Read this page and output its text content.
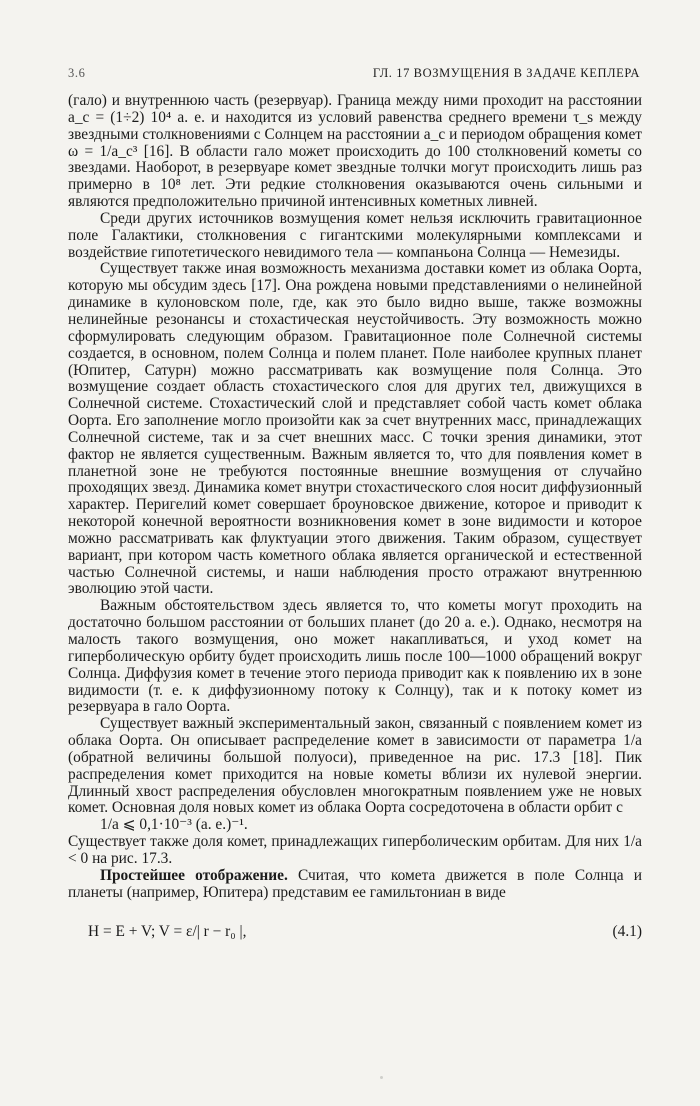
3.6	ГЛ. 17 ВОЗМУЩЕНИЯ В ЗАДАЧЕ КЕПЛЕРА

(гало) и внутреннюю часть (резервуар). Граница между ними проходит на расстоянии a_c = (1÷2) 10⁴ а. е. и находится из условий равенства среднего времени τ_s между звездными столкновениями с Солнцем на расстоянии a_c и периодом обращения комет ω = 1/a_c³ [16]. В области гало может происходить до 100 столкновений кометы со звездами. Наоборот, в резервуаре комет звездные толчки могут происходить лишь раз примерно в 10⁸ лет. Эти редкие столкновения оказываются очень сильными и являются предположительно причиной интенсивных кометных ливней.

Среди других источников возмущения комет нельзя исключить гравитационное поле Галактики, столкновения с гигантскими молекулярными комплексами и воздействие гипотетического невидимого тела — компаньона Солнца — Немезиды.

Существует также иная возможность механизма доставки комет из облака Оорта, которую мы обсудим здесь [17]. Она рождена новыми представлениями о нелинейной динамике в кулоновском поле, где, как это было видно выше, также возможны нелинейные резонансы и стохастическая неустойчивость. Эту возможность можно сформулировать следующим образом. Гравитационное поле Солнечной системы создается, в основном, полем Солнца и полем планет. Поле наиболее крупных планет (Юпитер, Сатурн) можно рассматривать как возмущение поля Солнца. Это возмущение создает область стохастического слоя для других тел, движущихся в Солнечной системе. Стохастический слой и представляет собой часть комет облака Оорта. Его заполнение могло произойти как за счет внутренних масс, принадлежащих Солнечной системе, так и за счет внешних масс. С точки зрения динамики, этот фактор не является существенным. Важным является то, что для появления комет в планетной зоне не требуются постоянные внешние возмущения от случайно проходящих звезд. Динамика комет внутри стохастического слоя носит диффузионный характер. Перигелий комет совершает броуновское движение, которое и приводит к некоторой конечной вероятности возникновения комет в зоне видимости и которое можно рассматривать как флуктуации этого движения. Таким образом, существует вариант, при котором часть кометного облака является органической и естественной частью Солнечной системы, и наши наблюдения просто отражают внутреннюю эволюцию этой части.

Важным обстоятельством здесь является то, что кометы могут проходить на достаточно большом расстоянии от больших планет (до 20 а. е.). Однако, несмотря на малость такого возмущения, оно может накапливаться, и уход комет на гиперболическую орбиту будет происходить лишь после 100—1000 обращений вокруг Солнца. Диффузия комет в течение этого периода приводит как к появлению их в зоне видимости (т. е. к диффузионному потоку к Солнцу), так и к потоку комет из резервуара в гало Оорта.

Существует важный экспериментальный закон, связанный с появлением комет из облака Оорта. Он описывает распределение комет в зависимости от параметра 1/a (обратной величины большой полуоси), приведенное на рис. 17.3 [18]. Пик распределения комет приходится на новые кометы вблизи их нулевой энергии. Длинный хвост распределения обусловлен многократным появлением уже не новых комет. Основная доля новых комет из облака Оорта сосредоточена в области орбит с

1/a ⩽ 0,1·10⁻³ (а. е.)⁻¹.

Существует также доля комет, принадлежащих гиперболическим орбитам. Для них 1/a < 0 на рис. 17.3.

Простейшее отображение. Считая, что комета движется в поле Солнца и планеты (например, Юпитера) представим ее гамильтониан в виде

H = E + V; V = ε/| r − r₀ |,	(4.1)
